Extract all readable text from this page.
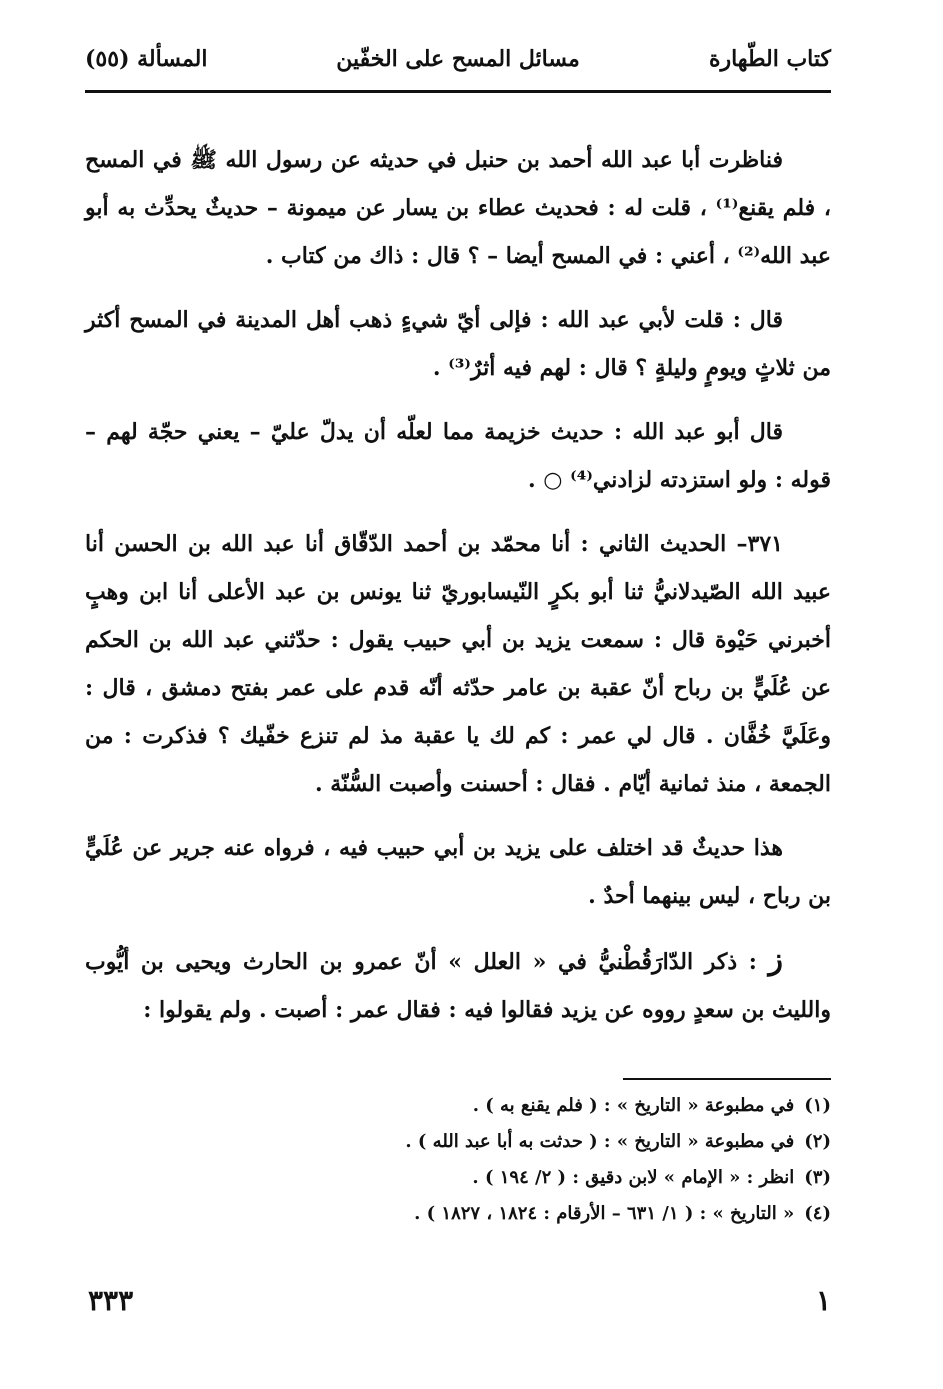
كتاب الطّهارة
مسائل المسح على الخفّين
المسألة (٥٥)

فناظرت أبا عبد الله أحمد بن حنبل في حديثه عن رسول الله ﷺ في المسح ، فلم يقنع⁽¹⁾ ، قلت له : فحديث عطاء بن يسار عن ميمونة – حديثٌ يحدِّث به أبو عبد الله⁽²⁾ ، أعني : في المسح أيضا – ؟ قال : ذاك من كتاب .

قال : قلت لأبي عبد الله : فإلى أيّ شيءٍ ذهب أهل المدينة في المسح أكثر من ثلاثٍ ويومٍ وليلةٍ ؟ قال : لهم فيه أثرٌ⁽³⁾ .

قال أبو عبد الله : حديث خزيمة مما لعلّه أن يدلّ عليّ – يعني حجّة لهم – قوله : ولو استزدته لزادني⁽⁴⁾ ○ .

٣٧١– الحديث الثاني : أنا محمّد بن أحمد الدّقّاق أنا عبد الله بن الحسن أنا عبيد الله الصّيدلانيُّ ثنا أبو بكرٍ النّيسابوريّ ثنا يونس بن عبد الأعلى أنا ابن وهبٍ أخبرني حَيْوة قال : سمعت يزيد بن أبي حبيب يقول : حدّثني عبد الله بن الحكم عن عُلَيٍّ بن رباح أنّ عقبة بن عامر حدّثه أنّه قدم على عمر بفتح دمشق ، قال : وعَلَيَّ خُفَّان . قال لي عمر : كم لك يا عقبة مذ لم تنزع خفّيك ؟ فذكرت : من الجمعة ، منذ ثمانية أيّام . فقال : أحسنت وأصبت السُّنّة .

هذا حديثٌ قد اختلف على يزيد بن أبي حبيب فيه ، فرواه عنه جرير عن عُلَيٍّ بن رباح ، ليس بينهما أحدٌ .

ز : ذكر الدّارَقُطْنيُّ في « العلل » أنّ عمرو بن الحارث ويحيى بن أيُّوب والليث بن سعدٍ رووه عن يزيد فقالوا فيه : فقال عمر : أصبت . ولم يقولوا :

(١)في مطبوعة « التاريخ » : ( فلم يقنع به ) .
(٢)في مطبوعة « التاريخ » : ( حدثت به أبا عبد الله ) .
(٣)انظر : « الإمام » لابن دقيق : ( ٢/ ١٩٤ ) .
(٤)« التاريخ » : ( ١/ ٦٣١ – الأرقام : ١٨٢٤ ، ١٨٢٧ ) .
١
٣٣٣
